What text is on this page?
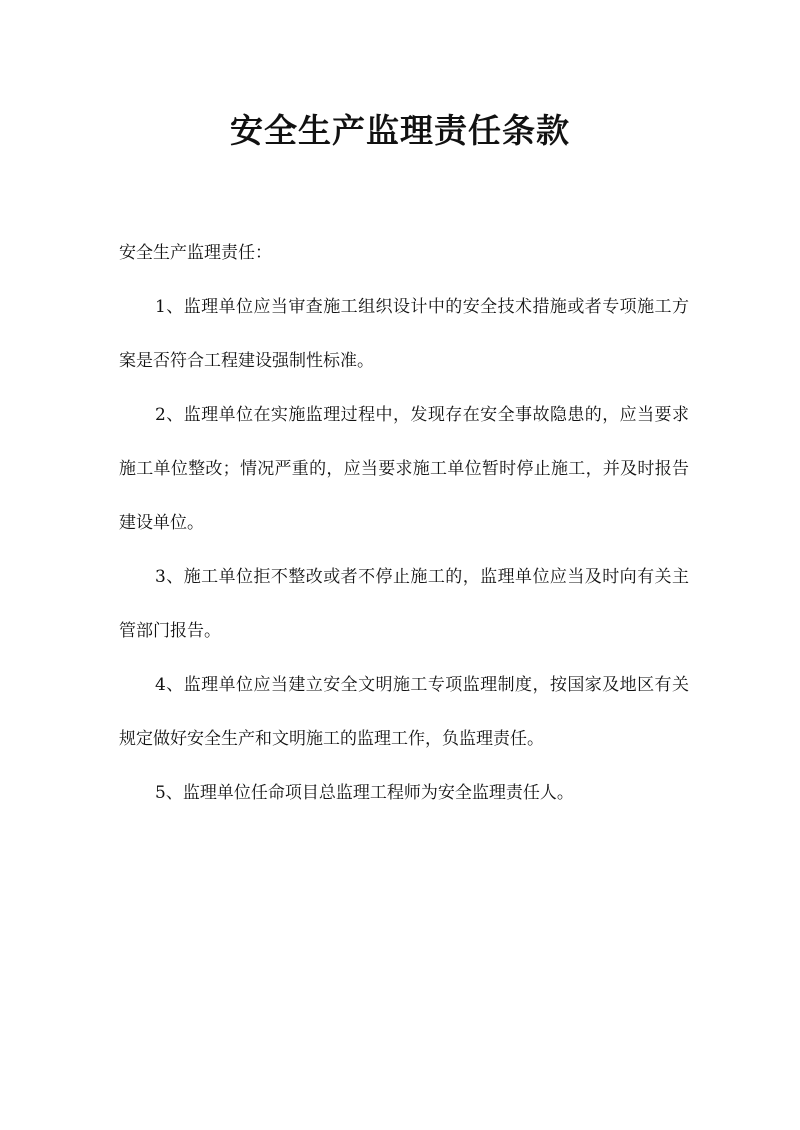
安全生产监理责任条款

安全生产监理责任：

1、监理单位应当审查施工组织设计中的安全技术措施或者专项施工方案是否符合工程建设强制性标准。

2、监理单位在实施监理过程中，发现存在安全事故隐患的，应当要求施工单位整改；情况严重的，应当要求施工单位暂时停止施工，并及时报告建设单位。

3、施工单位拒不整改或者不停止施工的，监理单位应当及时向有关主管部门报告。

4、监理单位应当建立安全文明施工专项监理制度，按国家及地区有关规定做好安全生产和文明施工的监理工作，负监理责任。

5、监理单位任命项目总监理工程师为安全监理责任人。
